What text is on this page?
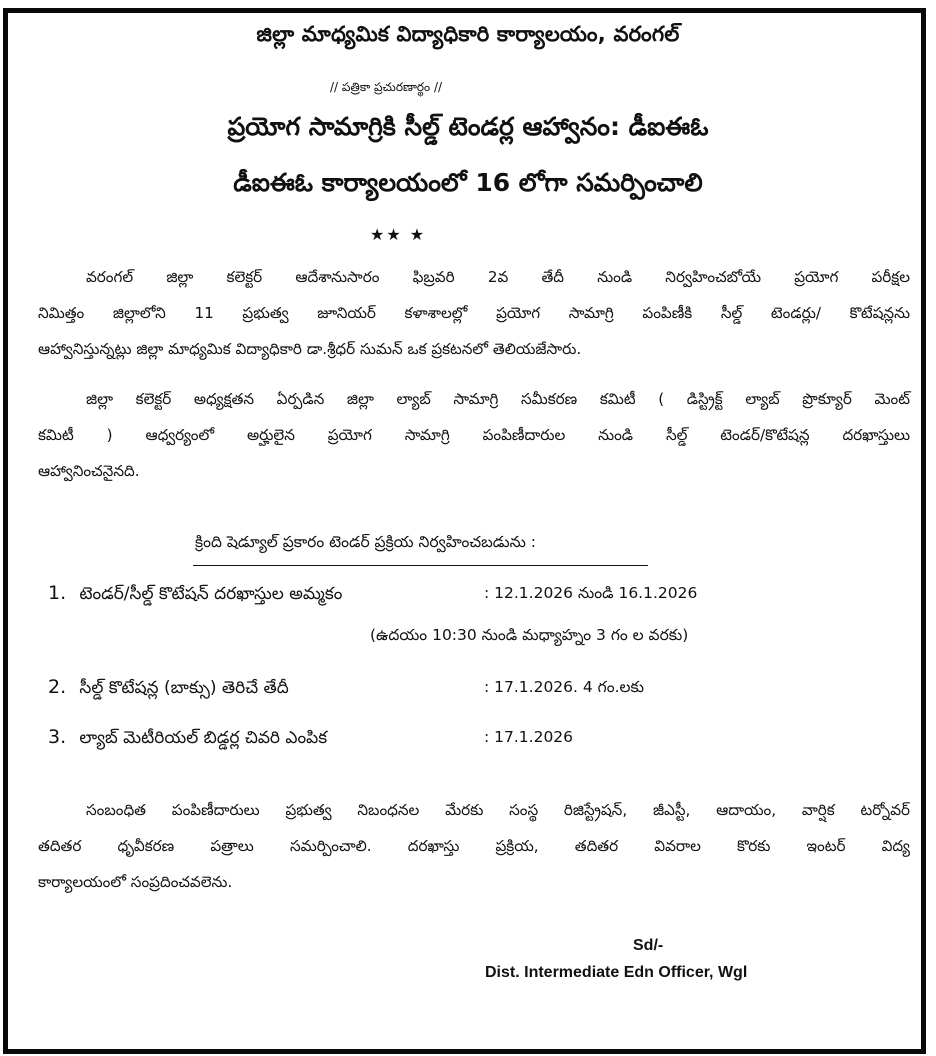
జిల్లా మాధ్యమిక విద్యాధికారి కార్యాలయం, వరంగల్
// పత్రికా ప్రచురణార్థం //
ప్రయోగ సామాగ్రికి సీల్డ్ టెండర్ల ఆహ్వానం: డీఐఈఓ
డీఐఈఓ కార్యాలయంలో 16 లోగా సమర్పించాలి
★★ ★
వరంగల్ జిల్లా కలెక్టర్ ఆదేశానుసారం ఫిబ్రవరి 2వ తేదీ నుండి నిర్వహించబోయే ప్రయోగ పరీక్షల
నిమిత్తం జిల్లాలోని 11 ప్రభుత్వ జూనియర్ కళాశాలల్లో ప్రయోగ సామాగ్రి పంపిణీకి సీల్డ్ టెండర్లు/ కొటేషన్లను
ఆహ్వానిస్తున్నట్లు జిల్లా మాధ్యమిక విద్యాధికారి డా.శ్రీధర్ సుమన్ ఒక ప్రకటనలో తెలియజేసారు.
జిల్లా కలెక్టర్ అధ్యక్షతన ఏర్పడిన జిల్లా ల్యాబ్ సామాగ్రి సమీకరణ కమిటీ ( డిస్ట్రిక్ట్ ల్యాబ్ ప్రొక్యూర్ మెంట్
కమిటీ ) ఆధ్వర్యంలో అర్హులైన ప్రయోగ సామాగ్రి పంపిణీదారుల నుండి సీల్డ్ టెండర్/కొటేషన్ల దరఖాస్తులు
ఆహ్వానించనైనది.
క్రింది షెడ్యూల్ ప్రకారం టెండర్ ప్రక్రియ నిర్వహించబడును :
1. టెండర్/సీల్డ్ కొటేషన్ దరఖాస్తుల అమ్మకం	: 12.1.2026 నుండి 16.1.2026
(ఉదయం 10:30 నుండి మధ్యాహ్నం 3 గం ల వరకు)
2. సీల్డ్ కొటేషన్ల (బాక్సు) తెరిచే తేదీ	: 17.1.2026. 4 గం.లకు
3. ల్యాబ్ మెటీరియల్ బిడ్డర్ల చివరి ఎంపిక	: 17.1.2026
సంబంధిత పంపిణీదారులు ప్రభుత్వ నిబంధనల మేరకు సంస్థ రిజిస్ట్రేషన్, జీఎస్టీ, ఆదాయం, వార్షిక టర్నోవర్
తదితర ధృవీకరణ పత్రాలు సమర్పించాలి. దరఖాస్తు ప్రక్రియ, తదితర వివరాల కొరకు ఇంటర్ విద్య
కార్యాలయంలో సంప్రదించవలెను.
Sd/-
Dist. Intermediate Edn Officer, Wgl
